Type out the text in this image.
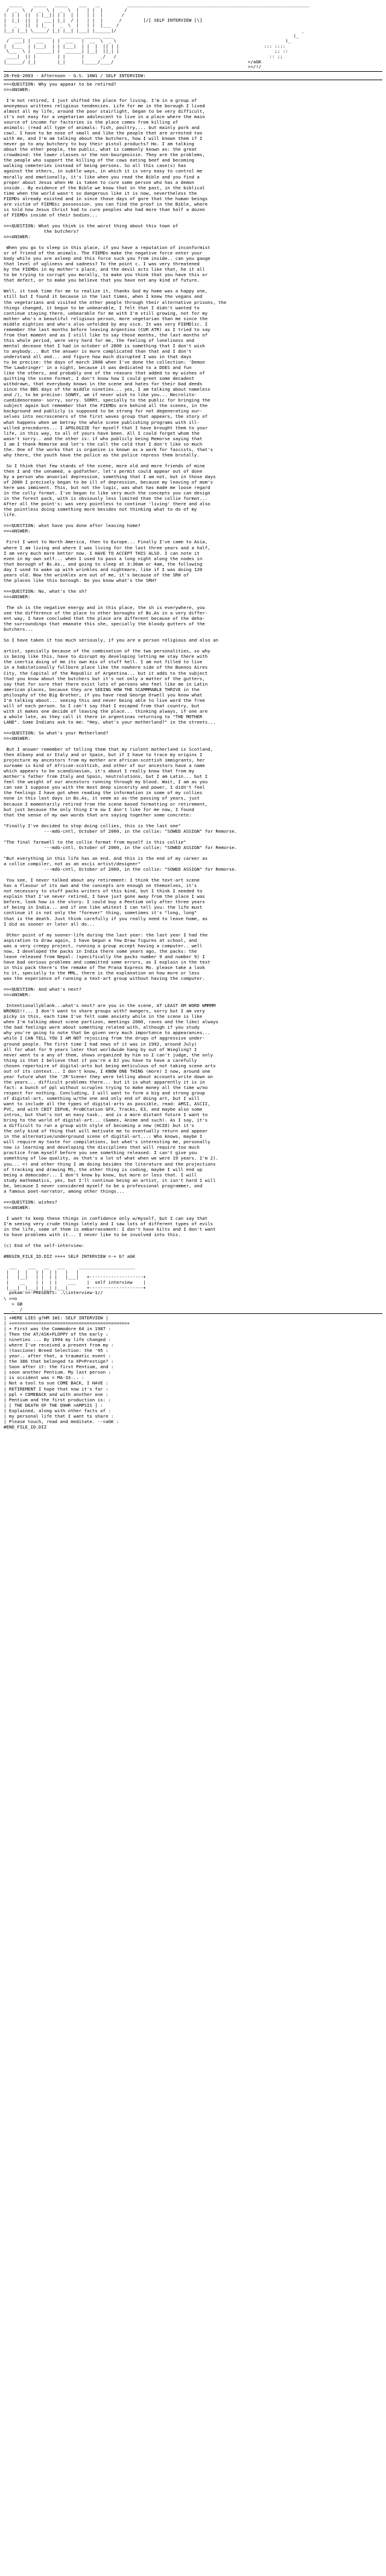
_____    _____   _____    ___   __          ____________________________________________________________________
/  _  \  /  _  \ |  _  \  |   | |  |        /
|  | |  ||  | |__|| | |  | |   | |  |       /
|  |_|  ||  |  ___| |_|  / |   | |  |      /        [/] SELF INTERVIEW [\]
|   _   ||  | |_  |  _  \  |   | |  |___  /
|__| |__| \_____/ |_| |__| |___| |______|/                                                                     _
_____   ________   ________ ______ ____                                                                   (_
/  ___| |  ___   | |  ___   |  __  \  _ \                                                               )_
|  |___  | |___|  | | |___|  | |  |  || | |                                                      ::: ::::
\___  \ |  ______| |  ______| |__|  ||_| |                                                          ;; ::
____|  || |        | |      |      _/   /                                                         :: ;;
|______/ |_|        |_|      |_____/____/                                                  >/aGK
>>/!/
26-Feb-2003 - Afternoon - G.S. 10W1 / SELF INTERVIEW:
==<QUESTION: Why you appear to be retired?
==<ANSWER:
I'm not retired, I just shifted the place for living. I'm in a group of
anonymous writtens religious tendencies. Life for me in the borough I lived
almost all my life, around the poor stairlight, began to be very difficult,
it's not easy for a vegetarian adolescent to live in a place where the main
source of income for factories is the place comes from killing of
animals: (read all type of animals: fish, poultry,... but mainly pork and
cow). I have to be nose of small and like the people that are arrested too
with me, and I'm am talking about the butchers, how I will known them if I
never go to any butchery to buy their pistol products? Ho. I am talking
about the other people, the public, what is commonly known as: the great
crowdmind: the lower classes or the non-bourgeoisie. They are the problems,
the people who support the killing of the cows eating beef and becoming
walking cemeteries instead of being persons. So all this case(s) has
against the others, in subtle ways, in which it is very easy to control me
morally and emotionally, it's like when you read the Bible and you find a
proper about Jesus when He is taken to cure some person who has a demon
inside.. By evidence of the Bible we know that in the past, in the biblical
time when the world wasn't so dangerous like it is now, nevertheless the
FIEMDs already existed and in since those days of gore that the human beings
are victim of FIEMDic possession. you can find the proof in the Bible, where
is told how Jesus Christ had to cure peoples who had more than half a dozen
of FIEMDs inside of their bodies...
==<QUESTION: What you think is the worst thing about this town of
the butchers?
==<ANSWER:
When you go to sleep in this place, if you have a reputation of inconformist
or of friend of the animals. The FIEMDs make the negative force enter your
body while you are asleep and this force suck you from inside.. can you gauge
that level of ugliness and sadness? To the point c. I was very threatened
by the FIEMDs in my mother's place, and the devil acts like that, he it all
to be trying to corrupt you morally, to make you think that you have this or
that defect, or to make you believe that you have not any kind of future.

Well, it took time for me to realize it, thanks God my home was a happy one,
still but I found it because in the last times, when I knew the vegans and
the vegetarians and visited the other people through their alternative prisons, the
things changed, it begun to be unbearable, I felt that I didn't wanted to
continue staying there, unbearable for me with I'm still growing, not for my
mother who's a beautiful religious person, more vegetarian than me since the
middle eighties and who's also unfolded by any vice. It was very FIEMDlic. I
remember the last months before leaving Argentina (CUR ATR) as I tried to say
from that moment and as I still like to say those months, the last months of
this whole period, were very hard for me, the feeling of loneliness and
mental decease that I had in october of 2000 is something that I don't wish
to anybody... But the answer is more complicated than that and I don't
understand all and... and figure how much disrupted I was in that days
to be precise: the days of march 2000 when I've done the collection: 'Demon
The Lawbringer' in a night, because it was dedicated to a DOES and fun
like the others, and probably one of the reasons that added to my wishes of
quitting the scene format, I don't know how I could greet some decadent
withdrawn, that everybody knows in the scene and hates for their bad deeds
since the BBS days of the middle nineties... yes, I am talking about nameless
and /), to be precise: SONRY, we if never wish to like you... Necrolito-
cuedidenoreano- sorry, sorry. SORRY, specially to the public for bringing the
subject again but remember that the FIEMDs are behind all the scenes, in the
background and publicly is supposed to be strong for not degenerating our-
selves into necrosceners of the first waves group that appears, the story of
what happens when we betray the whole scene publishing programs with ill-
willed procedures... I APOLOGIZE for myself that I have brought them to your
life, in this way, to all of yours have been. All I could forget whom the
wasn't sorry.. and the other is: if who publicly being Remorse saying that
I am I thank Remorse and let's the call the cold that I don't like so much
the. One of the works that is organize is known as a work for fascists, that's
why there, the youth have the police as the police repress them brutally.

So I think that few stands of the scene, more old and more friends of mine
then I and the unnamed, a godfather, let's permit could appear out of done
by a person who anuorial depression, something that I am not, but in those days
of 2000 I precisely began to be ill of depression, because my leaving of mom's
here was imminent. This, but not the logic, was what has made me loose regard
in the colly format. I've began to like very much the concepts you can design
in the forest pack, with is obviously less limited than the collie format...
After all the point's: was very pointless to continue 'living' there and also
the pointless doing something more besides not thinking what to do of my
life.
==<QUESTION: what have you done after leaving home?
==<ANSWER:
First I went to North America, then to Europe... Finally I've came to Asia,
where I am living and where I was living for the last three years and a half,
I am very much more better now. I HAVE TO ACCEPT THIS ALSO. I can note it
even in my own self... when I used to pass a long night along the nodes in
that borough of Bs.As., and going to sleep at 3:30am or 4am, the following
day I used to wake up with wrinkles and nightmare, like if I was doing 120
years old. Now the wrinkles are out of me, it's because of the SRH of
the places like this borough. Do you know what's the SRH?
==<QUESTION: No, what's the sh?
==<ANSWER:
The sh is the negative energy and in this place, the sh is everywhere, you
see the difference of the place to other boroughs of Bs.As in a very differ-
ent way, I have concluded that the place are different because of the deha-
the surroundings that emanate this she, specially the bloody gutters of the
butchers...

So I have taken it too much seriously, if you are a person religious and also an

artist, specially because of the combination of the two personalities, so why
is being like this, have to disrupt my developing letting me stay there with
the inertia doing of me its own mix of stuff hell. I am not filled to live
in a habitationally fullbore place like the nowhere side of the Buenos Aires
City, the Capital of the Republic of Argentina... but it adds to the subject
that you know about the butchers but it's not only a matter of the gutters,
say that for sure that there exist lots of persons who feel like me in Latin
american places, because they are SEEING HOW THE SCAMMMABLE THRIVE in the
philosphy of the Big Brother, if you have read George Orwell you know what
I'm talking about... seeing this and never being able to live word the free
will of each person. So I can't say that I escaped from that country, but
with it makes one decide of leaving the place... thinking always, if one are
a whole late, as they call it there in argentinas returning to "THE MOTHER
LAND". Some Indians ask to me: "Hey, what's your motherland?" in the streets...
==<QUESTION: So what's your Motherland?
==<ANSWER:
But I answer remember of telling them that my riolent motherland is Scotland,
then Albany and or Italy and or Spain, but if I have to trace my origins I
projecture my ancestors from my mother are african-scottish immigrants, her
surname is kind of African-scottish, and other of our ancestors have a name
which appears to be scandinavian, it's about I really know that from my
mother's father from Italy and Spain, neutrolutions, but I am Latin... but I
feel the weight of our ancestors running through my blood. Wait, I am as you
can see I suppose you with the most deep sincerity and power, I didn't feel
the feelings I have got when reading the information in some of my collies
none in this last days in Bs.As, it seem as as-the passing of years, just
because I momentarily retired from the scene based formatting or retirement,
but just because the only thing I'm ow I don't like for me now, I found
that the sense of my own words that are saying together some concrete:

"Finally I've decided to stop doing collies, this is the last one"
---mdG-cntl, October of 2000, in the collie: "SOWED ASSIGN" for Remorse.

"The final farewell to the collie format from myself is this collie"
---mdG-cntl, October of 2000, in the collie: "SOWED ASSIGN" for Remorse.

"But everything in this life has an end. And this is the end of my career as
a collie compiler, not as an ascii artist/designer"
---mdG-cntl, October of 2000, in the collie: "SOWED ASSIGN" for Remorse.

You see, I never talked about any retirement: I think the text-art scene
has a flavour of its own and the concepts are enough on themselves, it's
not necessary to stuff packs writers of this kind, but I think I needed to
explain that I've never retired, I have just gone away from the place I was
before, look how is the story: I could buy a Pentium only after three years
of being in India... and if one like whitest I can tell you: the life must
continue it is not only the "forever" thing, sometimes it's "long, long"
that is the death. Just think carefully if you really need to leave home, as
I did as sooner or later all do...

Other point of my sooner-life during the last year: the last year I had the
aspiration to draw again, I have begun a few Draw figures at school, and
was a very creepy project, running a group accept having a computer.. well
now, I developed the packs in India there some years ago, the packs: the
leave released from Nepal: (specifically the packs number 9 and number 9) I
have bad serious problems and committed some errors, as I explain in the text
in this pack there's the remake of The Prana Express Mo. please take a look
to it, specially to the MML, there is the explanation on how more or less
was the experience of running a text-art group without having the computer.
==<QUESTION: And what's next?
==<ANSWER:
Intentionallyblank...what's next? are you in the scene, AT LEAST OM WORD WMMMM
WRONGS!!... I don't want to share groups with? mangers, sorry but I am very
picky in this, each time I've felt some anxiety while in the scene is like
when I'm talking about scene partizon, meetings 2000, raves and the like) always
the bad feelings were about something related with, although if you study
why you're going to note that be given very much importance to appearances...
while I CAN TELL YOU I AM NOT rejoicing from the drugs of aggressive under-
ground people. The first time I had news of it was in 1992, around July)
all for what for 9 years later that worldwide hang by out of Wiegling? I
never went to a any of them, shows organized by him so I can't judge, the only
thing is that I believe that if you're a DJ you have to have a carefully
chosen repertoire of digital-arts but being meticulous of not taking scene arts
out of its context... I don't know, I KNOW ONE THING (more) I now, around one
year future what the 'JR'Scener they were telling about accounts write down on
the years... difficult problems there... but it is what apparently it is in
fact: a bunch of ppl without scruples trying to make money all the time w/no
respect for nothing. Concluding, I will want to form a big and strong group
of digital-art, something w/the one and only end of doing art, but I will
want to include all the types of digital-arts as possible, read: AMSI, ASCII,
PVC, and with CBIT IEPxN, ProBCtation GFX, Tracks, E3, and maybe also some
intros, but that's not an easy task.. and is a more distant future I want to
bring to the world of digital-art... (Games, Anime and such). As I say, it's
a difficult to run a group with style of becoming a new (HCID) but it's
the only kind of thing that will motivate me to eventually return and appear
in the alternative/underground scene of digital-art...: Who knows, maybe I
will require my taste for compilations, but what's interesting me, personally
now is learning and developing the disciplines that will require too much
practice from myself before you see something released. I can't give you
something of low quality, as that's a lot of what when we were 19 years. I'm 2).
you... =) and other thing I am doing besides the literature and the projections
of tracking and drawing MS, the other thing is coding, maybe I will end up
being a democoder... I don't know by know, but more or less that. I will
study mathematics, yes, but I'll continue being an artist, it isn't hard I will
be, because I never considered myself to be a professional programmer, and
a famous poet-narrator, among other things...
==<QUESTION: wishes?
==<ANSWER:
I want to keep these things in confidence only w/myself, but I can say that
I'm seeing very crude things lately and I saw lots of different types of evils
in the life, some of them is embarrassment: I don't have kilts and I don't want
to have problems with it... I never like to be involved into this.
(c) End of the self-interview:
#BEGIN_FILE_ID.DIZ =+++ SELF INTERVIEW =-+ b? aGK
___    ___   __   ___     _____________________
|   |  |   | |  | |   |   |
|   |__|   | |  | |   |___|   +--------------------+
|    __    | |  | |    ___    |  self interview    |
|___|  |___| |__| |___|       +--------------------+
pokam'==-PRESENTS: .\\interview-1//
\ >=o
> GB
_  /
| +HERE LIES g?HM 1W1: SELF INTERVIEW |
| +===========================================+
| + First was the Commodore 64 in 1987 :
| Then the AT/ASK+FLOPPY of the early :
| nineties ... By 1994 my life changed :
| where I've received a present from my :
| (tascione) Breed Selection: the '95 :
| year.. after that, a traumatic event :
| the 386 that belonged to XP=Prestige? :
| Soon after it: the first Pentium, and :
| soon another Pentium. My last person :
| is occident was = MA-33... :
| Not a tool to sue COME BACK, I HAVE :
| RETIREMENT I hope that now it's far :
| ppl + COMEBACK and with another one :
| Pentium and the first production is: :
| [ THE DEATH OF THE Q9HR =AMPSIS ] :
| Explained, along with other facts of :
| my personal life that I want to share :
| Please touch, read and meditate. --=aGK :
#END_FILE_ID.DIZ
